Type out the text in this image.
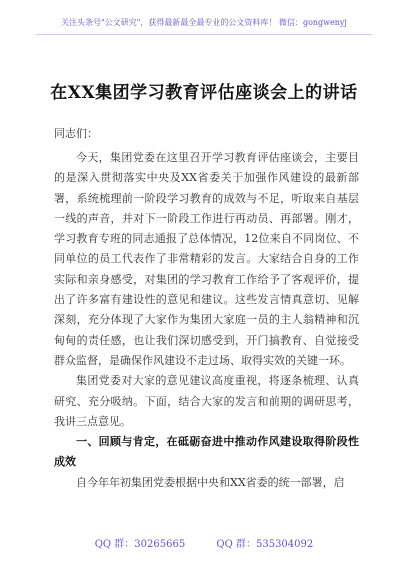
关注头条号"公文研究"，获得最新最全最专业的公文资料库！ 微信：gongwenyj
在XX集团学习教育评估座谈会上的讲话
同志们：

今天，集团党委在这里召开学习教育评估座谈会，主要目的是深入贯彻落实中央及XX省委关于加强作风建设的最新部署，系统梳理前一阶段学习教育的成效与不足，听取来自基层一线的声音，并对下一阶段工作进行再动员、再部署。刚才，学习教育专班的同志通报了总体情况，12位来自不同岗位、不同单位的员工代表作了非常精彩的发言。大家结合自身的工作实际和亲身感受，对集团的学习教育工作给予了客观评价，提出了许多富有建设性的意见和建议。这些发言情真意切、见解深刻，充分体现了大家作为集团大家庭一员的主人翁精神和沉甸甸的责任感，也让我们深切感受到，开门搞教育、自觉接受群众监督，是确保作风建设不走过场、取得实效的关键一环。

集团党委对大家的意见建议高度重视，将逐条梳理、认真研究、充分吸纳。下面，结合大家的发言和前期的调研思考，我讲三点意见。

一、回顾与肯定，在砥砺奋进中推动作风建设取得阶段性成效

自今年年初集团党委根据中央和XX省委的统一部署，启

QQ 群：30265665	QQ 群：535304092
